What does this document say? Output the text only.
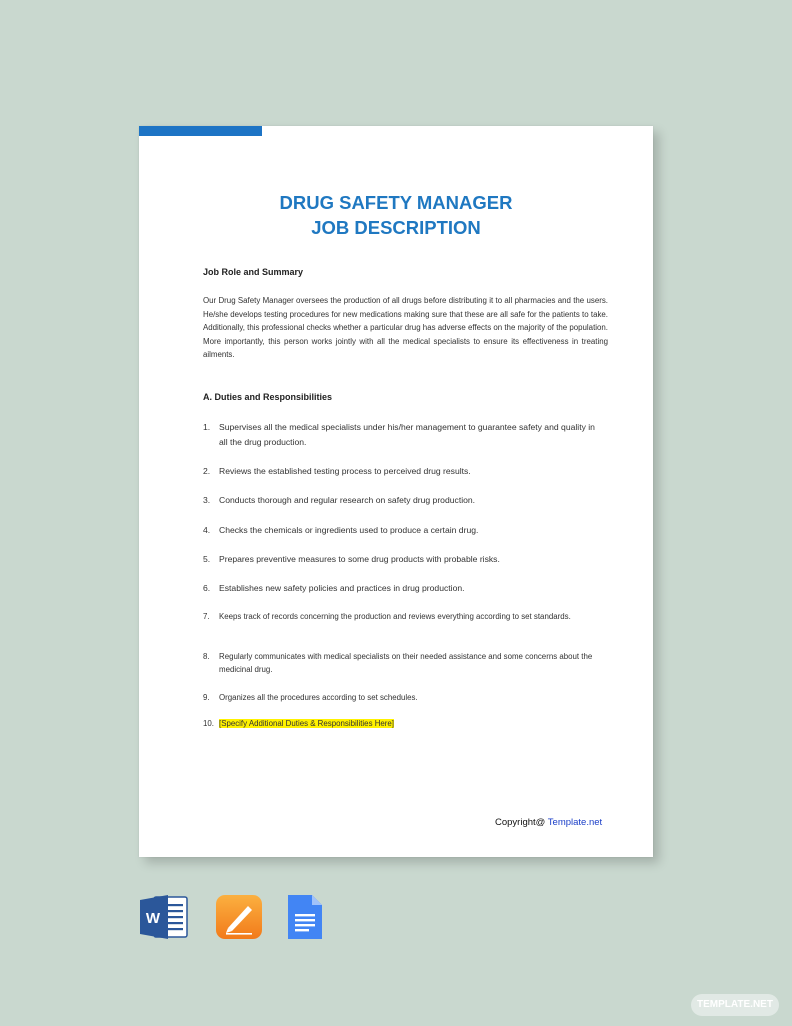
DRUG SAFETY MANAGER
JOB DESCRIPTION
Job Role and Summary
Our Drug Safety Manager oversees the production of all drugs before distributing it to all pharmacies and the users. He/she develops testing procedures for new medications making sure that these are all safe for the patients to take. Additionally, this professional checks whether a particular drug has adverse effects on the majority of the population. More importantly, this person works jointly with all the medical specialists to ensure its effectiveness in treating ailments.
A. Duties and Responsibilities
1.	Supervises all the medical specialists under his/her management to guarantee safety and quality in all the drug production.
2.	Reviews the established testing process to perceived drug results.
3.	Conducts thorough and regular research on safety drug production.
4.	Checks the chemicals or ingredients used to produce a certain drug.
5.	Prepares preventive measures to some drug products with probable risks.
6.	Establishes new safety policies and practices in drug production.
7.	Keeps track of records concerning the production and reviews everything according to set standards.
8.	Regularly communicates with medical specialists on their needed assistance and some concerns about the medicinal drug.
9.	Organizes all the procedures according to set schedules.
10. [Specify Additional Duties & Responsibilities Here]
Copyright@ Template.net
W
TEMPLATE.NET
